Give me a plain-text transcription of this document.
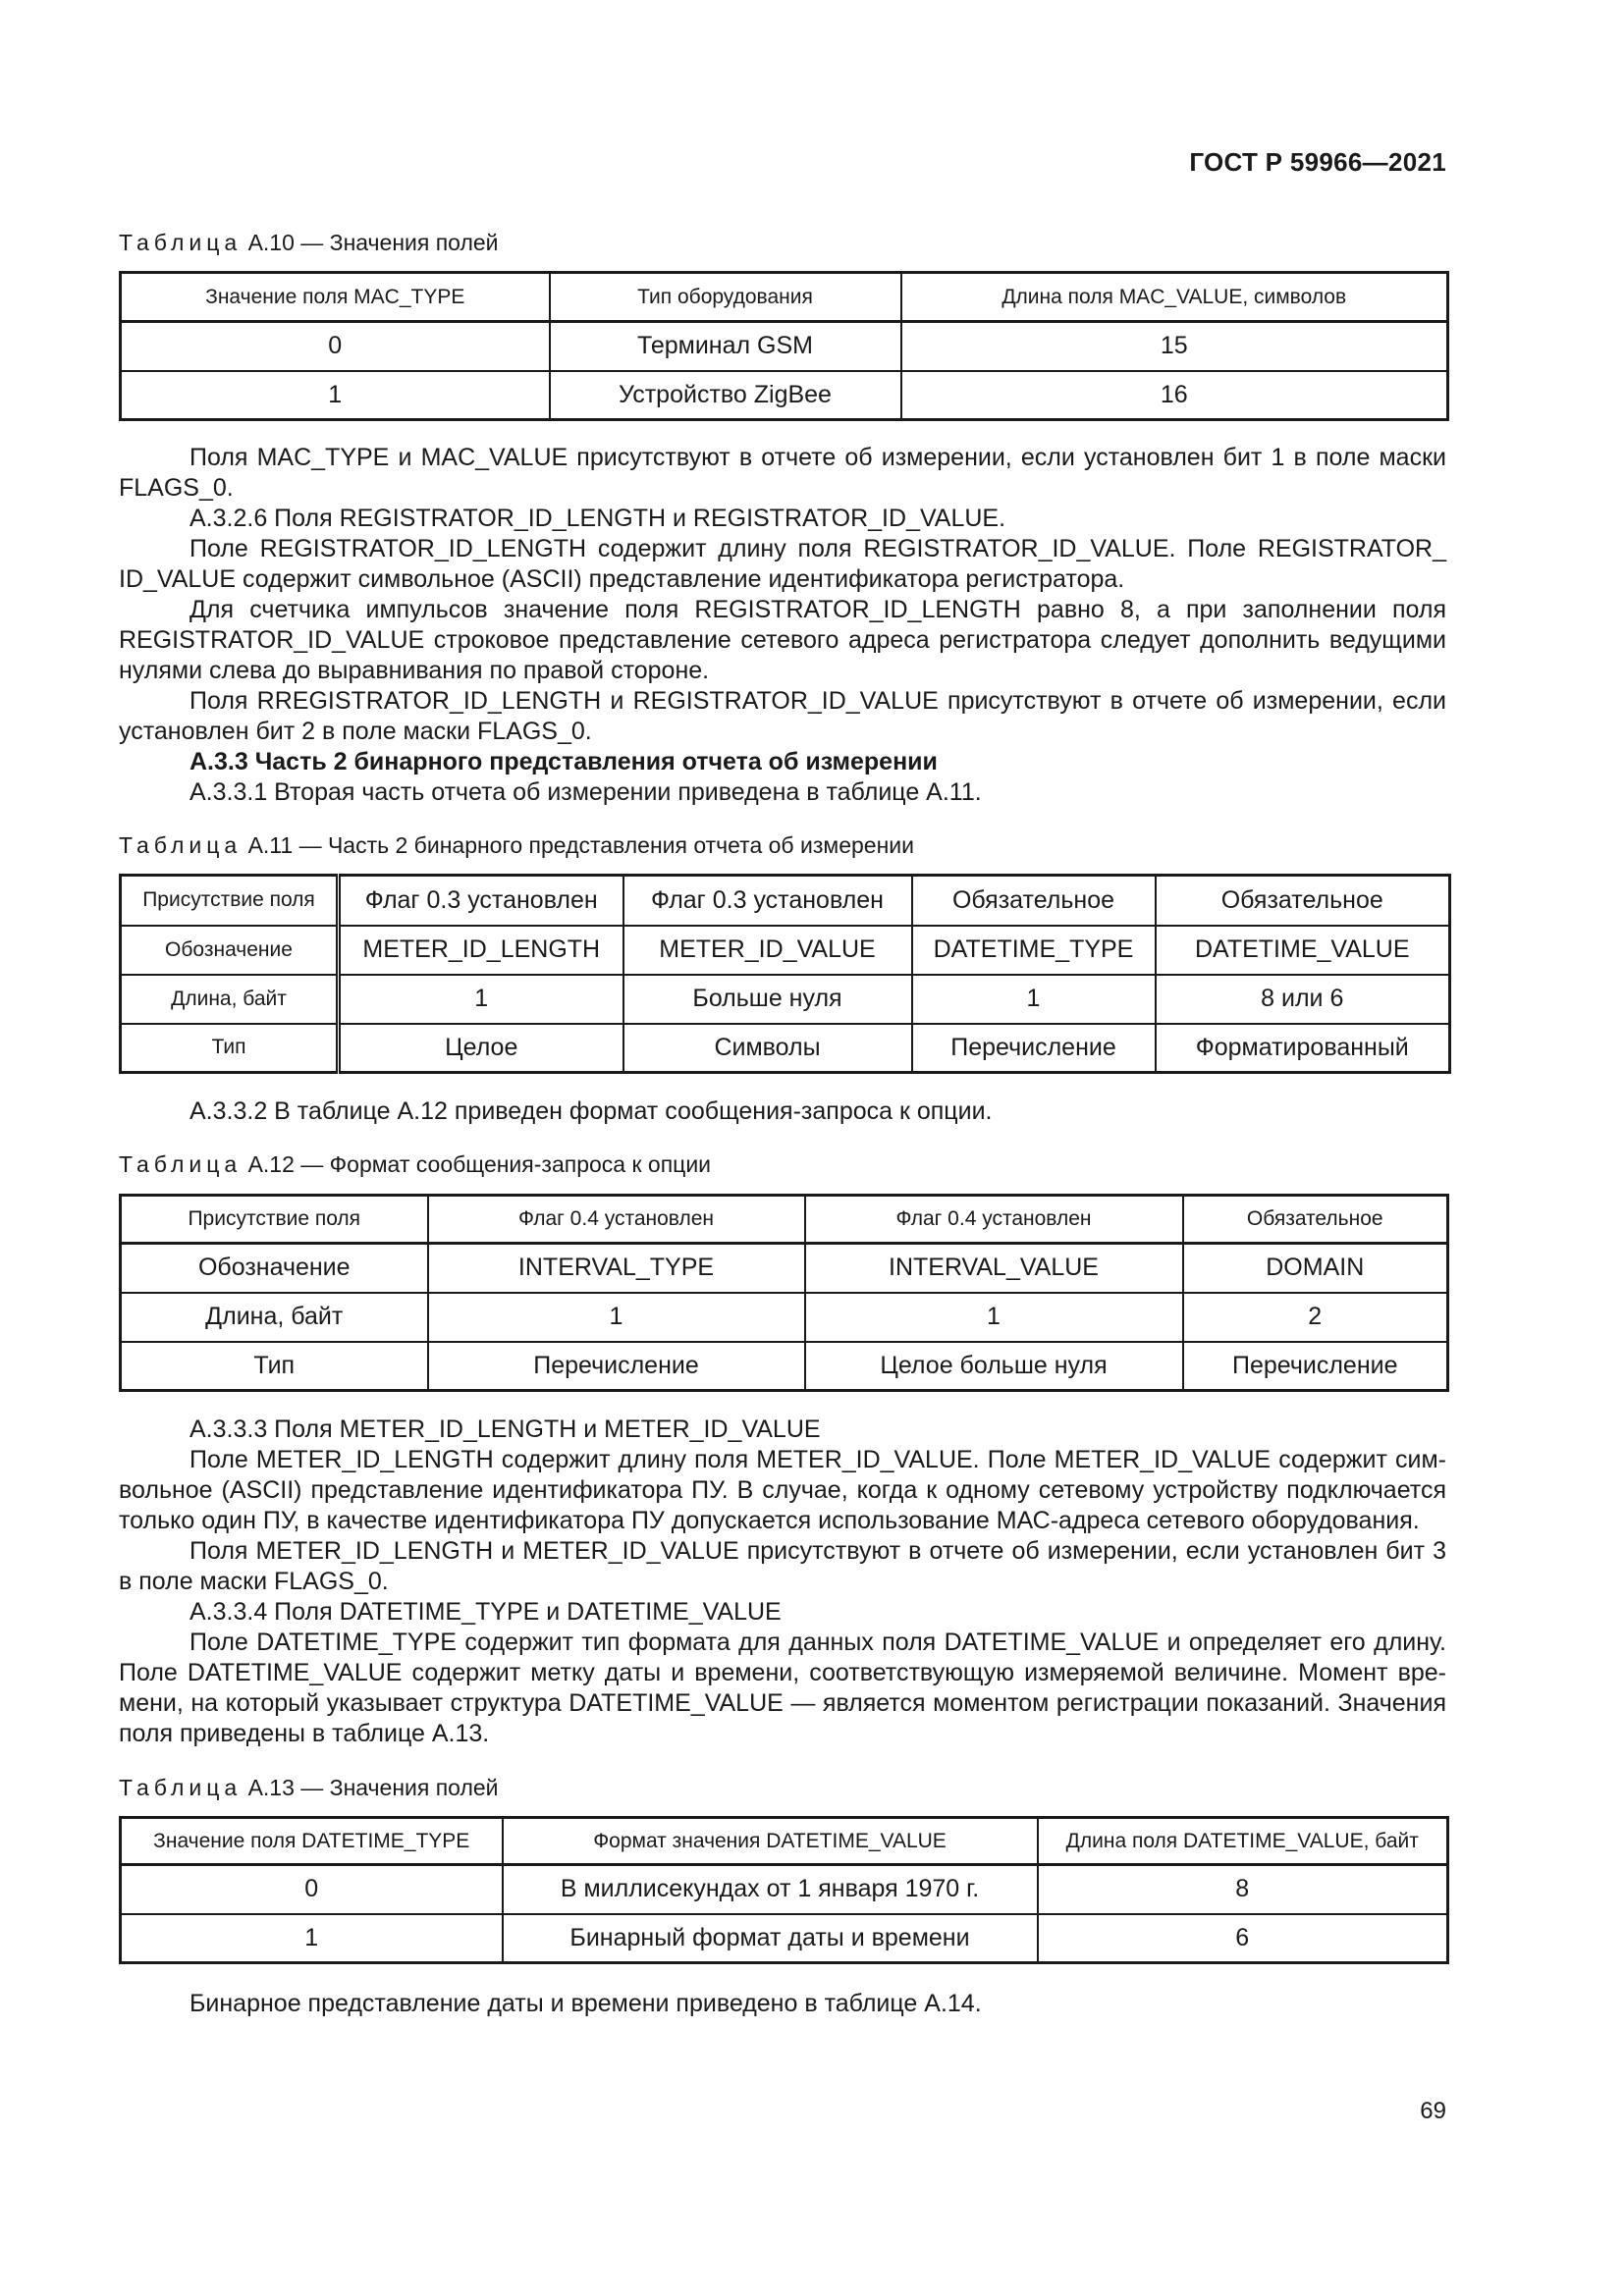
ГОСТ Р 59966—2021
Таблица А.10 — Значения полей
Значение поля MAC_TYPE	Тип оборудования	Длина поля MAC_VALUE, символов
0	Терминал GSM	15
1	Устройство ZigBee	16
Поля MAC_TYPE и MAC_VALUE присутствуют в отчете об измерении, если установлен бит 1 в поле маски FLAGS_0.
А.3.2.6 Поля REGISTRATOR_ID_LENGTH и REGISTRATOR_ID_VALUE.
Поле REGISTRATOR_ID_LENGTH содержит длину поля REGISTRATOR_ID_VALUE. Поле REGISTRATOR_ ID_VALUE содержит символьное (ASCII) представление идентификатора регистратора.
Для счетчика импульсов значение поля REGISTRATOR_ID_LENGTH равно 8, а при заполнении поля REGISTRATOR_ID_VALUE строковое представление сетевого адреса регистратора следует дополнить ведущими нулями слева до выравнивания по правой стороне.
Поля RREGISTRATOR_ID_LENGTH и REGISTRATOR_ID_VALUE присутствуют в отчете об измерении, если установлен бит 2 в поле маски FLAGS_0.
А.3.3 Часть 2 бинарного представления отчета об измерении
А.3.3.1 Вторая часть отчета об измерении приведена в таблице А.11.
Таблица А.11 — Часть 2 бинарного представления отчета об измерении
Присутствие поля	Флаг 0.3 установлен	Флаг 0.3 установлен	Обязательное	Обязательное
Обозначение	METER_ID_LENGTH	METER_ID_VALUE	DATETIME_TYPE	DATETIME_VALUE
Длина, байт	1	Больше нуля	1	8 или 6
Тип	Целое	Символы	Перечисление	Форматированный
А.3.3.2 В таблице А.12 приведен формат сообщения-запроса к опции.
Таблица А.12 — Формат сообщения-запроса к опции
Присутствие поля	Флаг 0.4 установлен	Флаг 0.4 установлен	Обязательное
Обозначение	INTERVAL_TYPE	INTERVAL_VALUE	DOMAIN
Длина, байт	1	1	2
Тип	Перечисление	Целое больше нуля	Перечисление
А.3.3.3 Поля METER_ID_LENGTH и METER_ID_VALUE
Поле METER_ID_LENGTH содержит длину поля METER_ID_VALUE. Поле METER_ID_VALUE содержит сим-вольное (ASCII) представление идентификатора ПУ. В случае, когда к одному сетевому устройству подключается только один ПУ, в качестве идентификатора ПУ допускается использование МАС-адреса сетевого оборудования.
Поля METER_ID_LENGTH и METER_ID_VALUE присутствуют в отчете об измерении, если установлен бит 3 в поле маски FLAGS_0.
А.3.3.4 Поля DATETIME_TYPE и DATETIME_VALUE
Поле DATETIME_TYPE содержит тип формата для данных поля DATETIME_VALUE и определяет его длину. Поле DATETIME_VALUE содержит метку даты и времени, соответствующую измеряемой величине. Момент вре-мени, на который указывает структура DATETIME_VALUE — является моментом регистрации показаний. Значения поля приведены в таблице А.13.
Таблица А.13 — Значения полей
Значение поля DATETIME_TYPE	Формат значения DATETIME_VALUE	Длина поля DATETIME_VALUE, байт
0	В миллисекундах от 1 января 1970 г.	8
1	Бинарный формат даты и времени	6
Бинарное представление даты и времени приведено в таблице А.14.
69
